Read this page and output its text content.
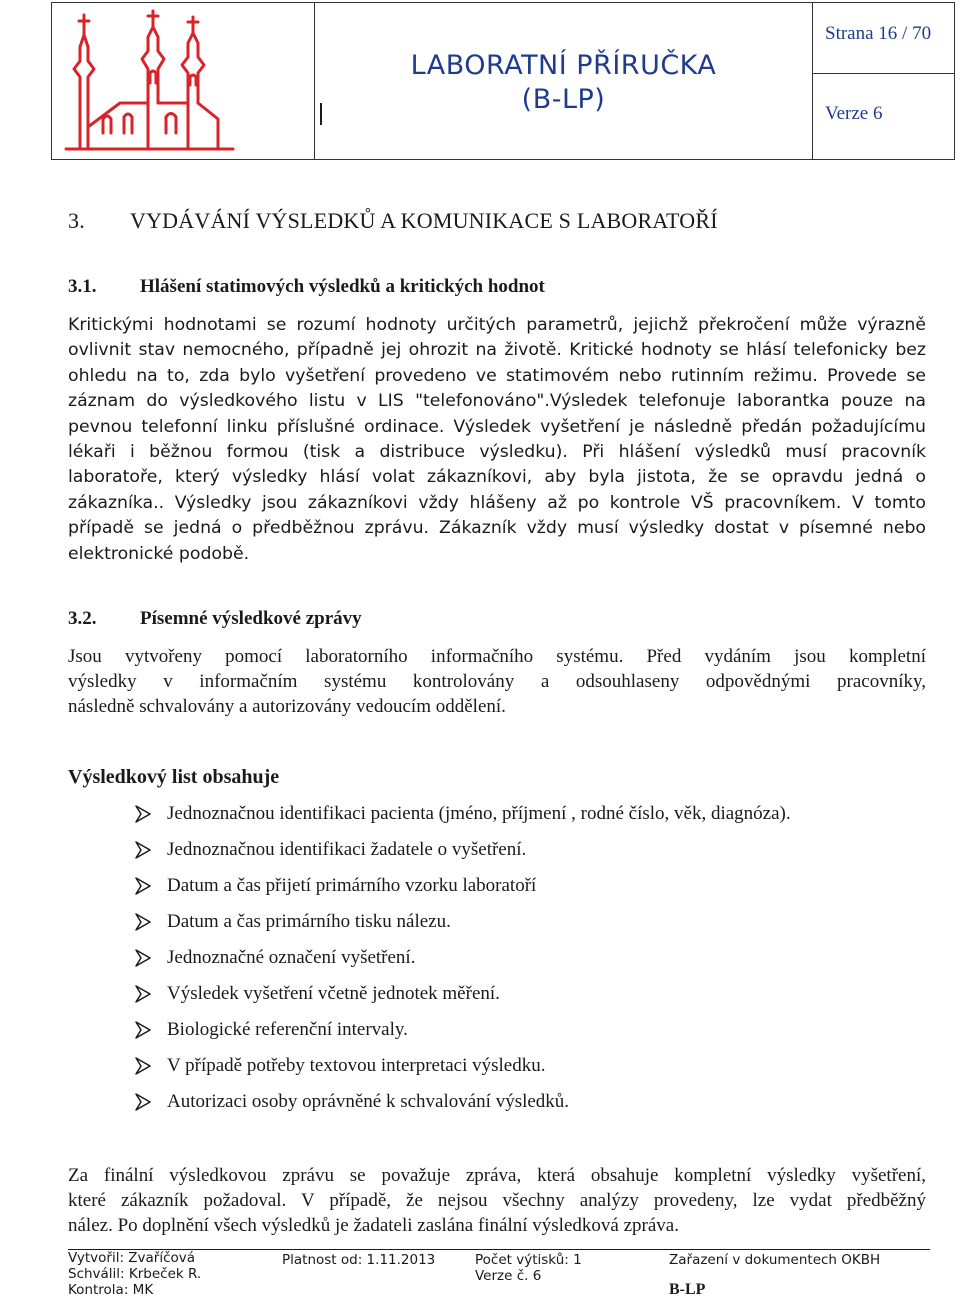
LABORATNÍ PŘÍRUČKA
(B-LP)
Strana 16 / 70
Verze 6
3. VYDÁVÁNÍ VÝSLEDKŮ A KOMUNIKACE S LABORATOŘÍ
3.1. Hlášení statimových výsledků a kritických hodnot
Kritickými hodnotami se rozumí hodnoty určitých parametrů, jejichž překročení může výrazně
ovlivnit stav nemocného, případně jej ohrozit na životě. Kritické hodnoty se hlásí telefonicky bez
ohledu na to, zda bylo vyšetření provedeno ve statimovém nebo rutinním režimu. Provede se
záznam do výsledkového listu v LIS "telefonováno".Výsledek telefonuje laborantka pouze na
pevnou telefonní linku příslušné ordinace. Výsledek vyšetření je následně předán požadujícímu
lékaři i běžnou formou (tisk a distribuce výsledku). Při hlášení výsledků musí pracovník
laboratoře, který výsledky hlásí volat zákazníkovi, aby byla jistota, že se opravdu jedná o
zákazníka.. Výsledky jsou zákazníkovi vždy hlášeny až po kontrole VŠ pracovníkem. V tomto
případě se jedná o předběžnou zprávu. Zákazník vždy musí výsledky dostat v písemné nebo
elektronické podobě.
3.2. Písemné výsledkové zprávy
Jsou vytvořeny pomocí laboratorního informačního systému. Před vydáním jsou kompletní
výsledky v informačním systému kontrolovány a odsouhlaseny odpovědnými pracovníky,
následně schvalovány a autorizovány vedoucím oddělení.
Výsledkový list obsahuje
Jednoznačnou identifikaci pacienta (jméno, příjmení , rodné číslo, věk, diagnóza).
Jednoznačnou identifikaci žadatele o vyšetření.
Datum a čas přijetí primárního vzorku laboratoří
Datum a čas primárního tisku nálezu.
Jednoznačné označení vyšetření.
Výsledek vyšetření včetně jednotek měření.
Biologické referenční intervaly.
V případě potřeby textovou interpretaci výsledku.
Autorizaci osoby oprávněné k schvalování výsledků.
Za finální výsledkovou zprávu se považuje zpráva, která obsahuje kompletní výsledky vyšetření,
které zákazník požadoval. V případě, že nejsou všechny analýzy provedeny, lze vydat předběžný
nález. Po doplnění všech výsledků je žadateli zaslána finální výsledková zpráva.
Vytvořil: Zvaříčová
Schválil: Krbeček R.
Kontrola: MK
Platnost od: 1.11.2013	Počet výtisků: 1
Verze č. 6
Zařazení v dokumentech OKBH
B-LP
